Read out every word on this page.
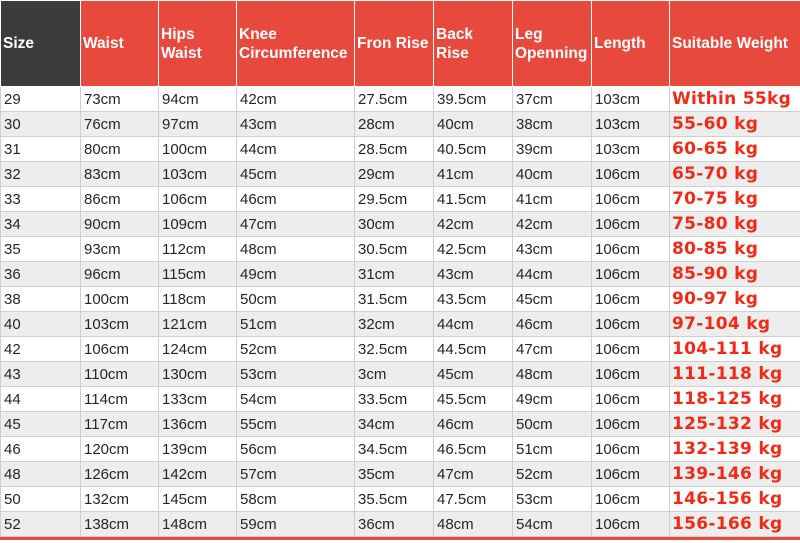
Size	Waist	Hips Waist	Knee Circumference	Fron Rise	Back Rise	Leg Openning	Length	Suitable Weight
29	73cm	94cm	42cm	27.5cm	39.5cm	37cm	103cm	Within 55kg
30	76cm	97cm	43cm	28cm	40cm	38cm	103cm	55-60 kg
31	80cm	100cm	44cm	28.5cm	40.5cm	39cm	103cm	60-65 kg
32	83cm	103cm	45cm	29cm	41cm	40cm	106cm	65-70 kg
33	86cm	106cm	46cm	29.5cm	41.5cm	41cm	106cm	70-75 kg
34	90cm	109cm	47cm	30cm	42cm	42cm	106cm	75-80 kg
35	93cm	112cm	48cm	30.5cm	42.5cm	43cm	106cm	80-85 kg
36	96cm	115cm	49cm	31cm	43cm	44cm	106cm	85-90 kg
38	100cm	118cm	50cm	31.5cm	43.5cm	45cm	106cm	90-97 kg
40	103cm	121cm	51cm	32cm	44cm	46cm	106cm	97-104 kg
42	106cm	124cm	52cm	32.5cm	44.5cm	47cm	106cm	104-111 kg
43	110cm	130cm	53cm	3cm	45cm	48cm	106cm	111-118 kg
44	114cm	133cm	54cm	33.5cm	45.5cm	49cm	106cm	118-125 kg
45	117cm	136cm	55cm	34cm	46cm	50cm	106cm	125-132 kg
46	120cm	139cm	56cm	34.5cm	46.5cm	51cm	106cm	132-139 kg
48	126cm	142cm	57cm	35cm	47cm	52cm	106cm	139-146 kg
50	132cm	145cm	58cm	35.5cm	47.5cm	53cm	106cm	146-156 kg
52	138cm	148cm	59cm	36cm	48cm	54cm	106cm	156-166 kg
